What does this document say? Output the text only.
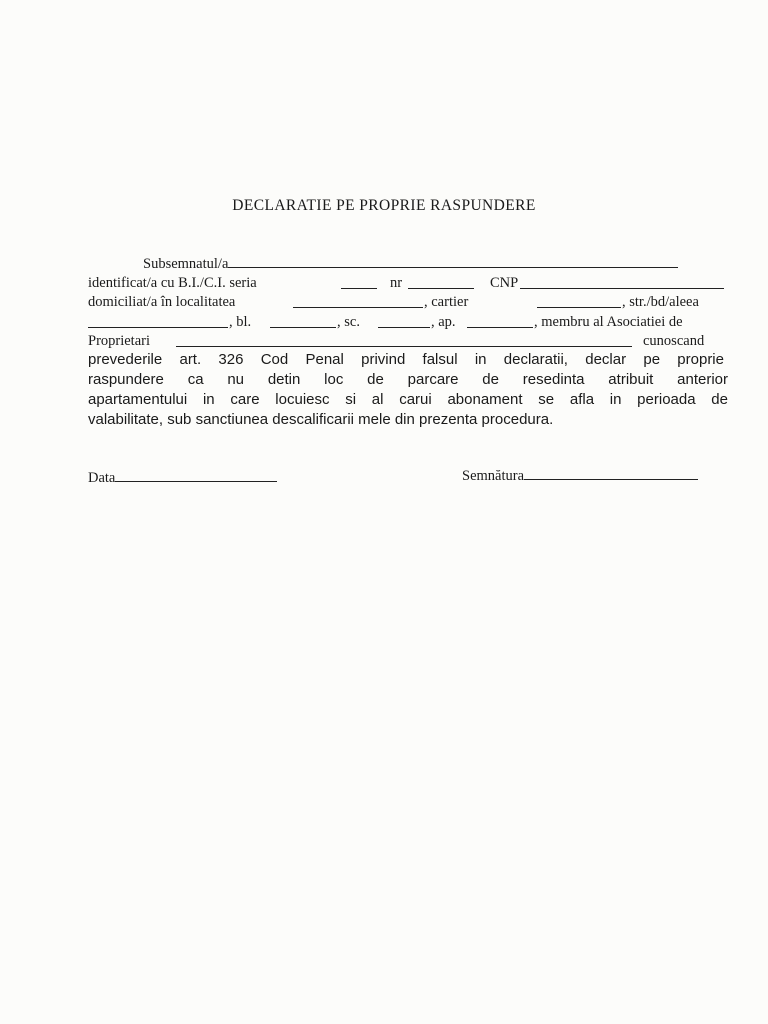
DECLARATIE PE PROPRIE RASPUNDERE
Subsemnatul/a
identificat/a cu B.I./C.I. seria	nr	CNP
domiciliat/a în localitatea	, cartier	, str./bd/aleea
, bl.	, sc.	, ap.	, membru al Asociatiei de
Proprietari	cunoscand
prevederile art. 326 Cod Penal privind falsul in declaratii, declar pe proprie
raspundere ca nu detin loc de parcare de resedinta atribuit anterior
apartamentului in care locuiesc si al carui abonament se afla in perioada de
valabilitate, sub sanctiunea descalificarii mele din prezenta procedura.
Data	Semnătura
